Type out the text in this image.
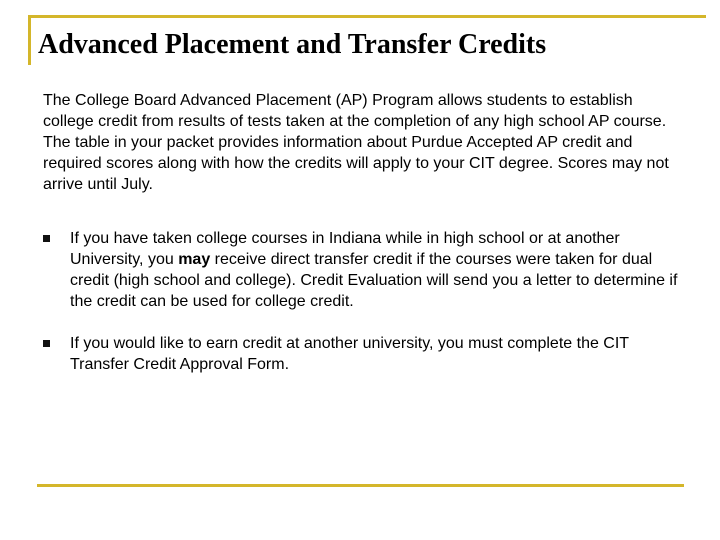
Advanced Placement and Transfer Credits

The College Board Advanced Placement (AP) Program allows students to establish college credit from results of tests taken at the completion of any high school AP course. The table in your packet provides information about Purdue Accepted AP credit and required scores along with how the credits will apply to your CIT degree. Scores may not arrive until July.

If you have taken college courses in Indiana while in high school or at another University, you may receive direct transfer credit if the courses were taken for dual credit (high school and college). Credit Evaluation will send you a letter to determine if the credit can be used for college credit.
If you would like to earn credit at another university, you must complete the CIT Transfer Credit Approval Form.
